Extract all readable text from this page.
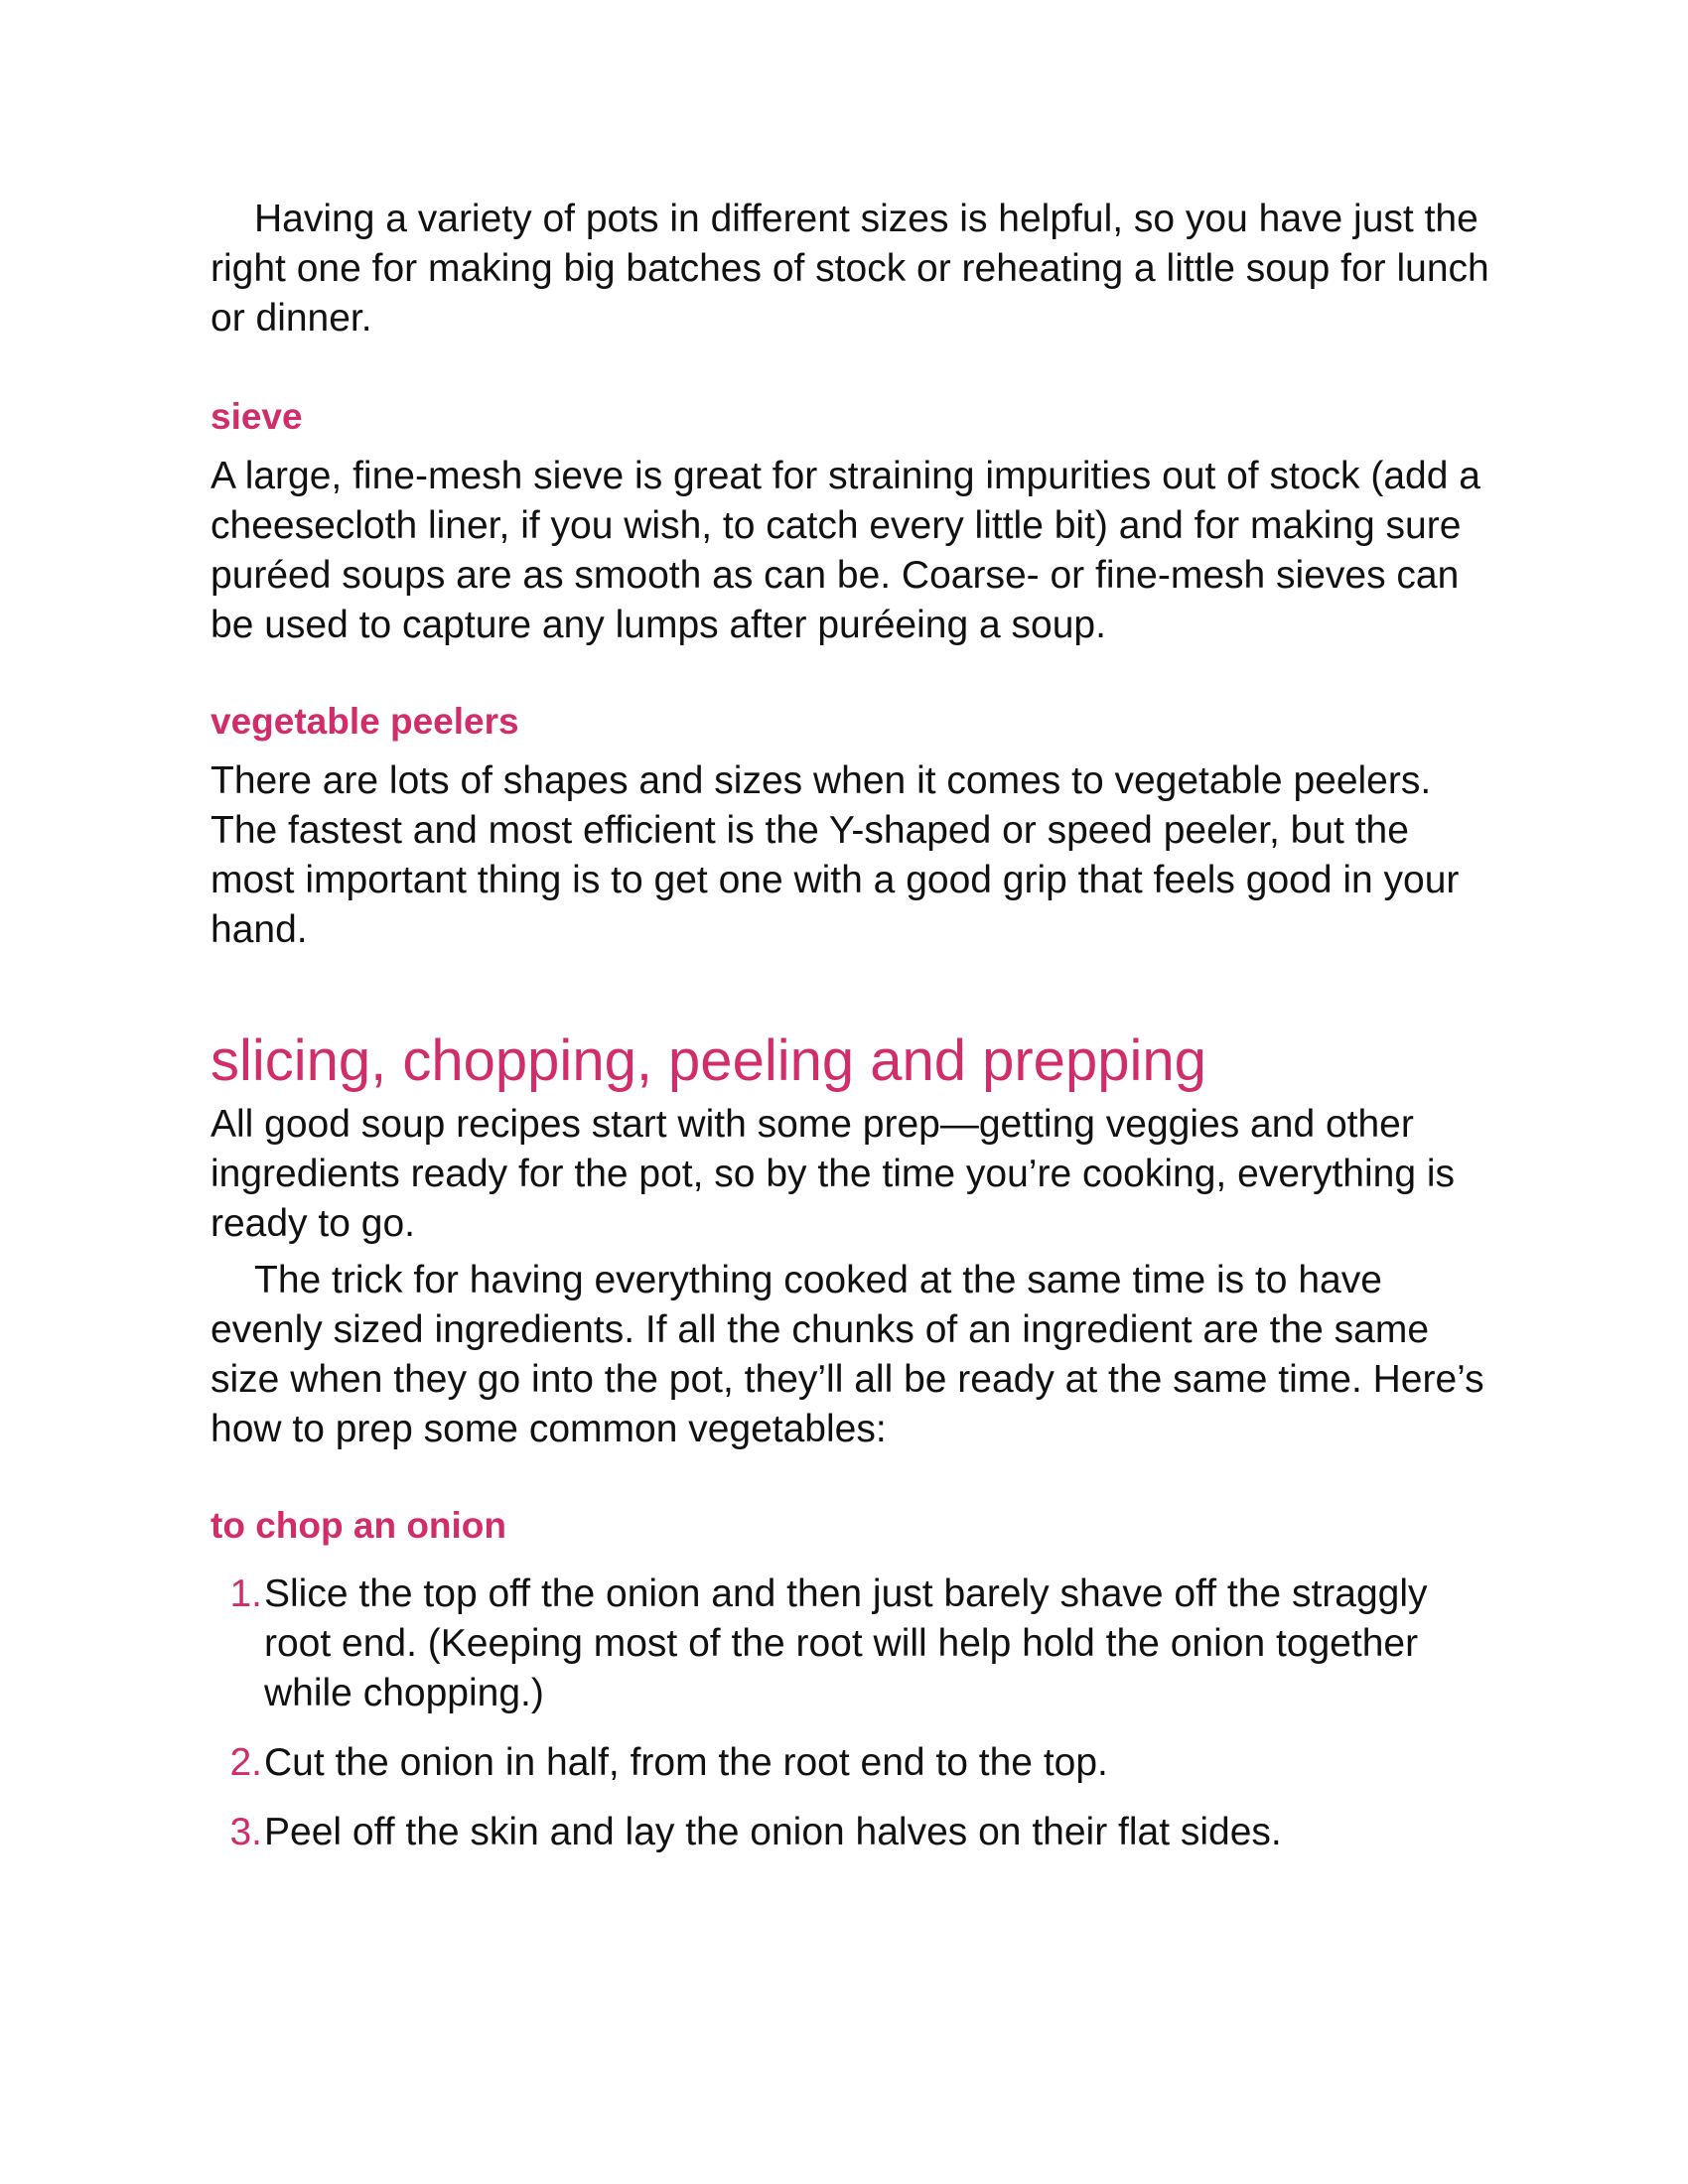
Having a variety of pots in different sizes is helpful, so you have just the right one for making big batches of stock or reheating a little soup for lunch or dinner.

sieve

A large, fine-mesh sieve is great for straining impurities out of stock (add a cheesecloth liner, if you wish, to catch every little bit) and for making sure puréed soups are as smooth as can be. Coarse- or fine-mesh sieves can be used to capture any lumps after puréeing a soup.

vegetable peelers

There are lots of shapes and sizes when it comes to vegetable peelers. The fastest and most efficient is the Y-shaped or speed peeler, but the most important thing is to get one with a good grip that feels good in your hand.

slicing, chopping, peeling and prepping

All good soup recipes start with some prep—getting veggies and other ingredients ready for the pot, so by the time you’re cooking, everything is ready to go.

The trick for having everything cooked at the same time is to have evenly sized ingredients. If all the chunks of an ingredient are the same size when they go into the pot, they’ll all be ready at the same time. Here’s how to prep some common vegetables:

to chop an onion
1. Slice the top off the onion and then just barely shave off the straggly root end. (Keeping most of the root will help hold the onion together while chopping.)
2. Cut the onion in half, from the root end to the top.
3. Peel off the skin and lay the onion halves on their flat sides.
